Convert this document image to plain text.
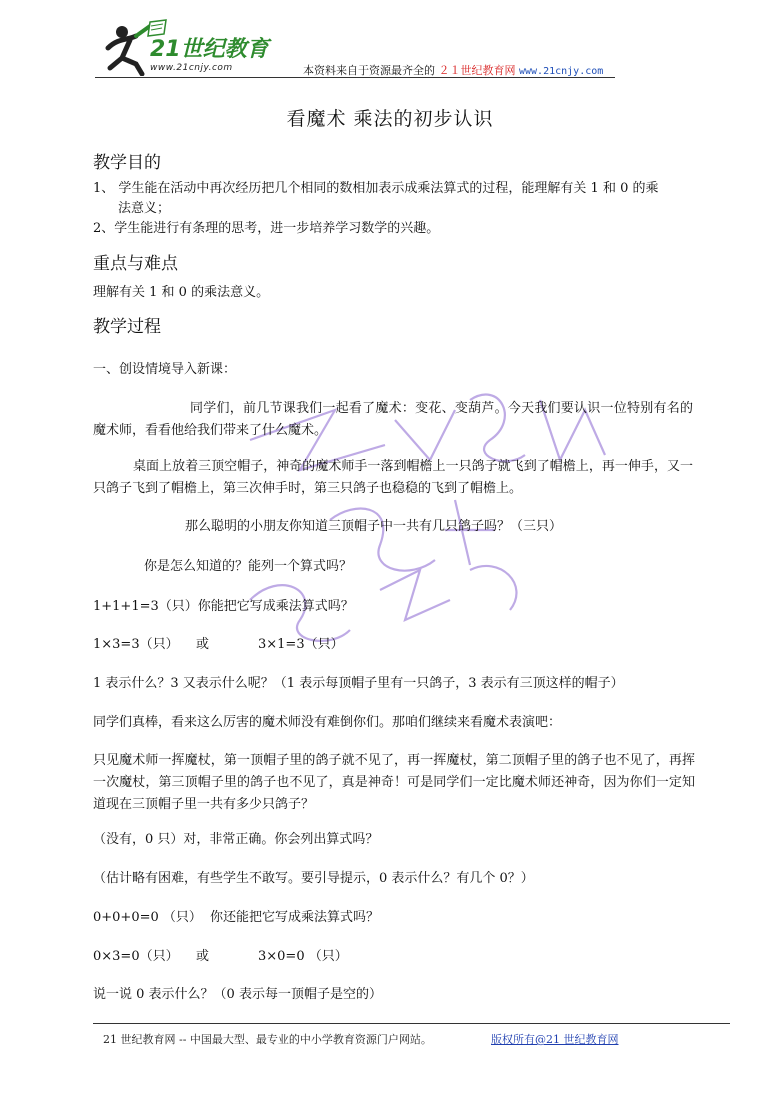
21世纪教育
www.21cnjy.com	本资料来自于资源最齐全的 ２１世纪教育网 www.21cnjy.com
看魔术 乘法的初步认识
教学目的
1、 学生能在活动中再次经历把几个相同的数相加表示成乘法算式的过程，能理解有关 1 和 0 的乘
法意义；
2、学生能进行有条理的思考，进一步培养学习数学的兴趣。
重点与难点
理解有关 1 和 0 的乘法意义。
教学过程
一、创设情境导入新课：
同学们，前几节课我们一起看了魔术：变花、变葫芦。今天我们要认识一位特别有名的魔术师，看看他给我们带来了什么魔术。
桌面上放着三顶空帽子，神奇的魔术师手一落到帽檐上一只鸽子就飞到了帽檐上，再一伸手，又一只鸽子飞到了帽檐上，第三次伸手时，第三只鸽子也稳稳的飞到了帽檐上。
那么聪明的小朋友你知道三顶帽子中一共有几只鸽子吗？（三只）
你是怎么知道的？能列一个算式吗？
1+1+1=3（只）你能把它写成乘法算式吗？
1×3=3（只） 或	3×1=3（只）
1 表示什么？3 又表示什么呢？（1 表示每顶帽子里有一只鸽子，3 表示有三顶这样的帽子）
同学们真棒，看来这么厉害的魔术师没有难倒你们。那咱们继续来看魔术表演吧：
只见魔术师一挥魔杖，第一顶帽子里的鸽子就不见了，再一挥魔杖，第二顶帽子里的鸽子也不见了，再挥一次魔杖，第三顶帽子里的鸽子也不见了，真是神奇！可是同学们一定比魔术师还神奇，因为你们一定知道现在三顶帽子里一共有多少只鸽子？
（没有，0 只）对，非常正确。你会列出算式吗？
（估计略有困难，有些学生不敢写。要引导提示，0 表示什么？有几个 0？）
0+0+0=0 （只） 你还能把它写成乘法算式吗？
0×3=0（只） 或	3×0=0 （只）
说一说 0 表示什么？（0 表示每一顶帽子是空的）
21 世纪教育网 -- 中国最大型、最专业的中小学教育资源门户网站。	版权所有@21 世纪教育网
